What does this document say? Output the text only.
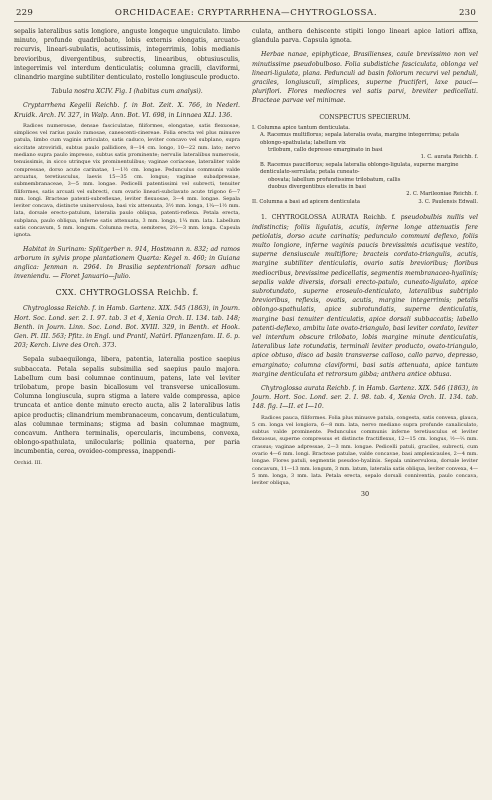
229	ORCHIDACEAE: CRYPTARRHENA—CHYTROGLOSSA.	230

sepalis lateralibus satis longiore, anguste longeque unguiculato. limbo minuto, profunde quadrilobato, lobis externis elongatis, arcuato-recurvis, lineari-subulatis, acutissimis, integerrimis, lobis medianis brevioribus, divergentibus, subrectis, linearibus, obtusiusculis, integerrimis vel interdum denticulatis; columna gracili, claviformi, clinandrio margine subtiliter denticulato, rostello longiuscule producto.

Tabula nostra XCIV. Fig. I (habitus cum analysi).

Cryptarrhena Kegelii Reichb. f. in Bot. Zeit. X. 766, in Nederl. Kruidk. Arch. IV. 327, in Walp. Ann. Bot. VI. 698, in Linnaea XLI. 136.

Radices numerosae, densae fasciculatae, filiformes, elongatae, satis flexuosae, simplices vel raríus paulo ramosae, canescenti-cinereae. Folia erecta vel plus minusve patula, limbo cum vaginis articulato, satis caduco, leviter concavo vel subplano, supra siccitate atroviridi, subtus paulo pallidiore, 8—14 cm. longo, 10—22 mm. lato; nervo mediano supra paulo impresso, subtus satis prominente; nervulis lateralibus numerosis, tenuissimis, in sicco utrinque vix prominentulibus; vaginae coriaceae, lateraliter valde compressae, dorso acute carinatae, 1—1½ cm. longae. Pedunculus communis valde arcuatus, teretiusculus, laevis 15—35 cm. longus; vaginae subadpressae, submembranaceae, 3—5 mm. longae. Pedicelli patentissimi vel subrecti, tenuiter filiformes, satis arcuati vel subrecti, cum ovario lineari-subclavato acute trigono 6—7 mm. longi. Bracteae patenti-subreflexae, leviter flexuosae, 3—4 mm. longae. Sepala leviter concava, distincte uninervulosa, basi vix attenuata, 3½ mm. longa, 1¼—1½ mm. lata, dorsale erecto-patulum, lateralia paulo obliqua, patenti-reflexa. Petala erecta, subplana, paulo obliqua, inferne satis attenuata, 3 mm. longa, 1¼ mm. lata. Labellum satis concavum, 5 mm. longum. Columna recta, semiteres, 2½—3 mm. longa. Capsula ignota.

Habitat in Surinam: Splitgerber n. 914, Hostmann n. 832; ad ramos arborum in sylvis prope plantationem Quarta: Kegel n. 460; in Guiana anglica: Jenman n. 2964. In Brasilia septentrionali forsan adhuc inveniendu. — Floret Januario—Julio.

CXX. CHYTROGLOSSA Reichb. f.

Chytroglossa Reichb. f. in Hamb. Gartenz. XIX. 545 (1863), in Journ. Hort. Soc. Lond. ser. 2. I. 97. tab. 3 et 4, Xenia Orch. II. 134. tab. 148; Benth. in Journ. Linn. Soc. Lond. Bot. XVIII. 329, in Benth. et Hook. Gen. Pl. III. 563; Pfitz. in Engl. und Prantl, Natürl. Pflanzenfam. II. 6. p. 203; Kerch. Livre des Orch. 373.

Sepala subaequilonga, libera, patentia, lateralia postice saepius subbaccata. Petala sepalis subsimilia sed saepius paulo majora. Labellum cum basi columnae continuum, patens, late vel leviter trilobatum, prope basin bicallosum vel transverse unicallosum. Columna longiuscula, supra stigma a latere valde compressa, apice truncata et antice dente minuto erecto aucta, alis 2 lateralibus latis apice productis; clinandrium membranaceum, concavum, denticulatum, alas columnae terminans; stigma ad basin columnae magnum, concavum. Anthera terminalis, opercularis, incumbens, convexa, oblongo-spathulata, unilocularis; pollinia quaterna, per paria incumbentia, cerea, ovoideo-compressa, inappendi-

Orchid. III.

culata, anthera dehiscente stipiti longo lineari apice latiori affixa, glandula parva. Capsula ignota.

Herbae nanae, epiphyticae, Brasilienses, caule brevissimo non vel minutissime pseudobulboso. Folia subdistiche fasciculata, oblonga vel lineari-ligulata, plana. Pedunculi ad basin foliorum recurvi vel penduli, graciles, longiusculi, simplices, superne fructiferi, laxe pauci—pluriflori. Flores mediocres vel satis parvi, breviter pedicellati. Bracteae parvae vel minimae.

CONSPECTUS SPECIERUM.

I. Columna apice tantum denticulata.
A. Racemus multiflorus; sepala lateralia ovata, margine integerrima; petala oblongo-spathulata; labellum vix
trilobum, callo depresso emarginato in basi
1. C. aurata Reichb. f.
B. Racemus pauciflorus; sepala lateralia oblongo-ligulata, superne margine denticulato-serrulata; petala cuneato-
obovata; labellum profundissime trilobatum, callis
duobus divergentibus elevatis in basi
2. C. Marileoniae Reichb. f.
II. Columna a basi ad apicem denticulata	3. C. Paulensis Edwall.

1. CHYTROGLOSSA AURATA Reichb. f. pseudobulbis nullis vel indistinctis; foliis ligulatis, acutis, inferne longe attenuatis fere petiolatis, dorso acute carinatis; pedunculo communi deflexo, foliis multo longiore, inferne vaginis paucis brevissimis acutisque vestito, superne densiuscule multiflore; bracteis cordato-triangulis, acutis, margine subtiliter denticulatis, ovario satis brevioribus; floribus mediocribus, brevissime pedicellatis, segmentis membranaceo-hyalinis; sepalis valde diversis, dorsali erecto-patulo, cuneato-ligulato, apice subrotundato, superne eroseulo-denticulato, lateralibus subtriplo brevioribus, reflexis, ovatis, acutis, margine integerrimis; petalis oblongo-spathulatis, apice subrotundatis, superne denticulatis, margine basi tenuiter denticulatis, apice dorsali subbaccatis; labello patenti-deflexo, ambitu late ovato-triangulo, basi leviter cordato, leviter vel interdum obscure trilobato, lobis margine minute denticulatis, lateralibus late rotundatis, terminali leviter producto, ovato-triangulo, apice obtuso, disco ad basin transverse calloso, callo parvo, depresso, emarginato; columna claviformi, basi satis attenuata, apice tantum margine denticulata et retrorsum gibba; anthera antice obtusa.

Chytroglossa aurata Reichb. f. in Hamb. Gartenz. XIX. 546 (1863), in Journ. Hort. Soc. Lond. ser. 2. I. 98. tab. 4, Xenia Orch. II. 134. tab. 148. fig. I—II. et I—10.

Radices pauca, filiformes. Folia plus minusve patula, congesta, satis convexa, glauca, 5 cm. longa vel longiora, 6—8 mm. lata, nervo mediano supra profunde canaliculato, subtus valde prominente. Pedunculus communis inferne teretiusculus et leviter flexuosus, superne compressus et distincte fractiflexus, 12—15 cm. longus, ½—⅔ mm. crassus; vaginae adpressae, 2—3 mm. longae. Pedicelli patuli, graciles, subrecti, cum ovario 4—6 mm. longi. Bracteae patulae, valde concavae, basi amplexicaules, 2—4 mm. longae. Flores patuli, segmentis pseudoo-hyalinis. Sepala uninervulosa, dorsale leviter concavum, 11—13 mm. longum, 3 mm. latum, lateralia satis obliqua, leviter convexa, 4—5 mm. longa, 3 mm. lata. Petala erecta, sepalo dorsali conniventia, paulo concava, leviter obliqua,

30
